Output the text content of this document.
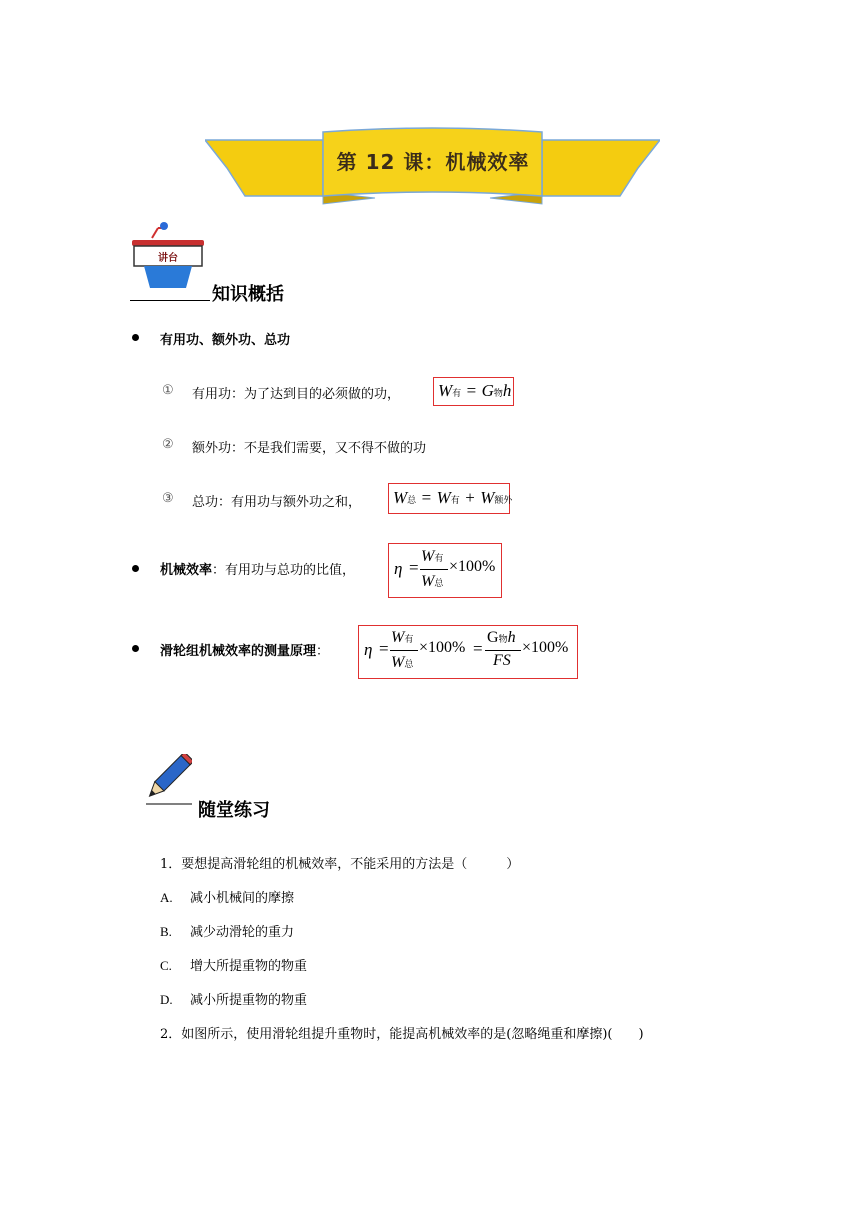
第 12 课：机械效率
讲台
知识概括
有用功、额外功、总功
① 有用功：为了达到目的必须做的功， W有 = G物h
② 额外功：不是我们需要，又不得不做的功
③ 总功：有用功与额外功之和， W总 = W有 + W额外
机械效率：有用功与总功的比值， η =
W有
W总
×100%
滑轮组机械效率的测量原理： η =
W有
W总
×100% =
G物h
FS
×100%
随堂练习
1．要想提高滑轮组的机械效率，不能采用的方法是（　　　）
A. 减小机械间的摩擦
B. 减少动滑轮的重力
C. 增大所提重物的物重
D. 减小所提重物的物重
2．如图所示，使用滑轮组提升重物时，能提高机械效率的是(忽略绳重和摩擦)(　　)
